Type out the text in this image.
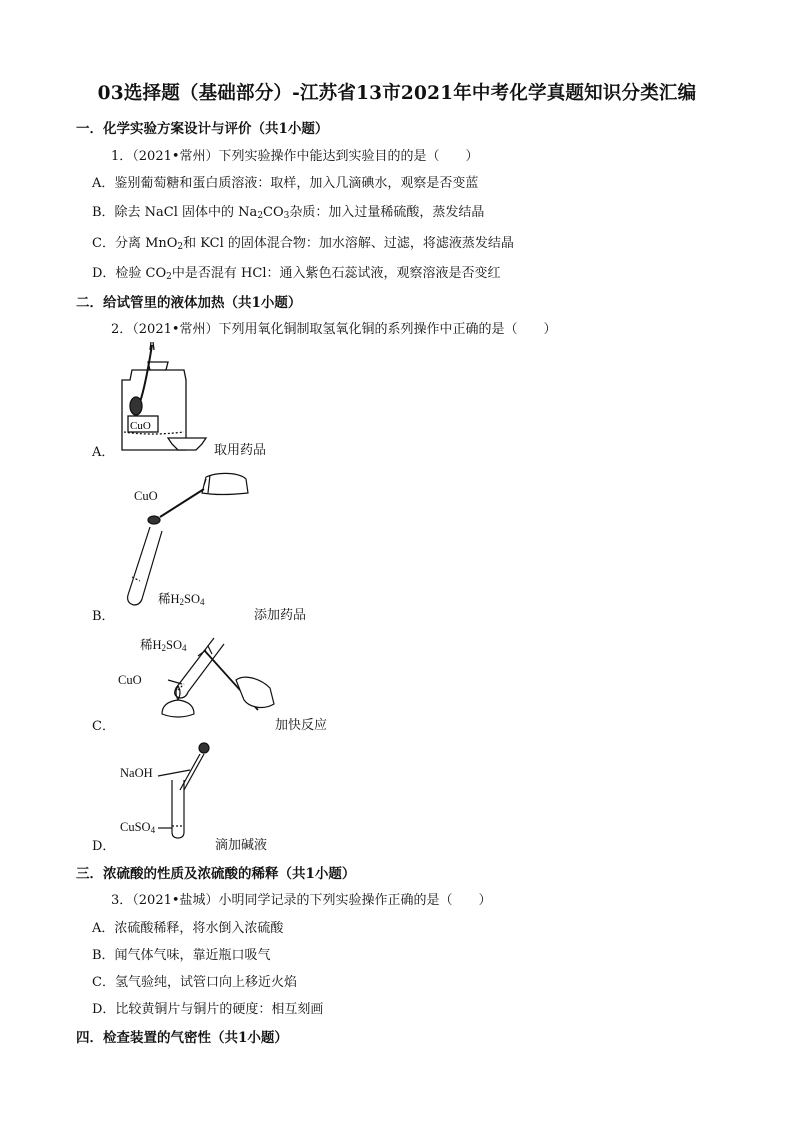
03选择题（基础部分）-江苏省13市2021年中考化学真题知识分类汇编
一．化学实验方案设计与评价（共1小题）
1．（2021•常州）下列实验操作中能达到实验目的的是（　　）
A．鉴别葡萄糖和蛋白质溶液：取样，加入几滴碘水，观察是否变蓝
B．除去 NaCl 固体中的 $Na_2CO_3$杂质：加入过量稀硫酸，蒸发结晶
C．分离 MnO$_2$和 KCl 的固体混合物：加水溶解、过滤，将滤液蒸发结晶
D．检验 $CO_2$中是否混有 HCl：通入紫色石蕊试液，观察溶液是否变红
二．给试管里的液体加热（共1小题）
2．（2021•常州）下列用氧化铜制取氢氧化铜的系列操作中正确的是（　　）
A．
CuO
取用药品
CuO
稀$H_2SO_4$
B．	添加药品
稀$H_2SO_4$
CuO
C．	加快反应
NaOH
CuSO$_4$
D．	滴加碱液
三．浓硫酸的性质及浓硫酸的稀释（共1小题）
3．（2021•盐城）小明同学记录的下列实验操作正确的是（　　）
A．浓硫酸稀释，将水倒入浓硫酸
B．闻气体气味，靠近瓶口吸气
C．氢气验纯，试管口向上移近火焰
D．比较黄铜片与铜片的硬度：相互刻画
四．检查装置的气密性（共1小题）
